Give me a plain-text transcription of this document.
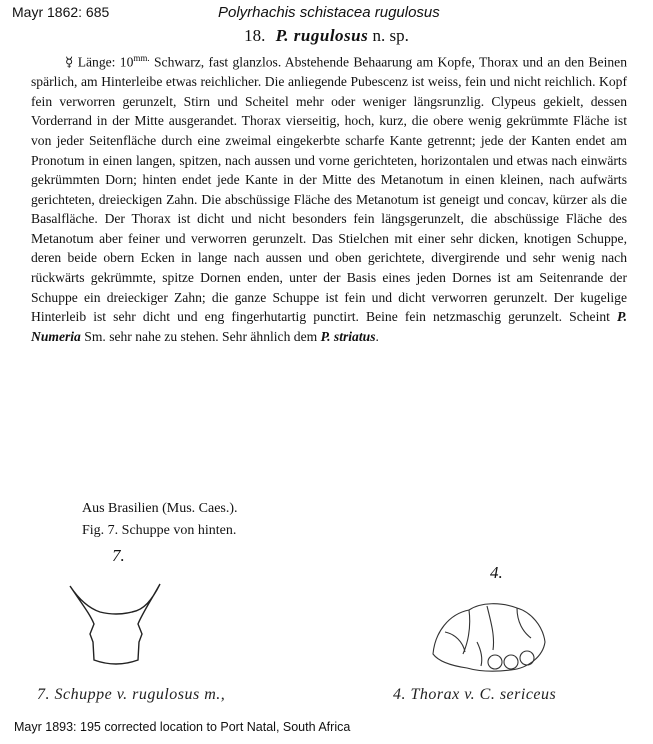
Mayr 1862: 685	Polyrhachis schistacea rugulosus
18. P. rugulosus n. sp.

☿ Länge: $10^{mm.}$ Schwarz, fast glanzlos. Abstehende Behaarung am Kopfe, Thorax und an den Beinen spärlich, am Hinterleibe etwas reichlicher. Die anliegende Pubescenz ist weiss, fein und nicht reichlich. Kopf fein verworren gerunzelt, Stirn und Scheitel mehr oder weniger längsrunzlig. Clypeus gekielt, dessen Vorderrand in der Mitte ausgerandet. Thorax vierseitig, hoch, kurz, die obere wenig gekrümmte Fläche ist von jeder Seitenfläche durch eine zweimal eingekerbte scharfe Kante getrennt; jede der Kanten endet am Pronotum in einen langen, spitzen, nach aussen und vorne gerichteten, horizontalen und etwas nach einwärts gekrümmten Dorn; hinten endet jede Kante in der Mitte des Metanotum in einen kleinen, nach aufwärts gerichteten, dreieckigen Zahn. Die abschüssige Fläche des Metanotum ist geneigt und concav, kürzer als die Basalfläche. Der Thorax ist dicht und nicht besonders fein längsgerunzelt, die abschüssige Fläche des Metanotum aber feiner und verworren gerunzelt. Das Stielchen mit einer sehr dicken, knotigen Schuppe, deren beide obern Ecken in lange nach aussen und oben gerichtete, divergirende und sehr wenig nach rückwärts gekrümmte, spitze Dornen enden, unter der Basis eines jeden Dornes ist am Seitenrande der Schuppe ein dreieckiger Zahn; die ganze Schuppe ist fein und dicht verworren gerunzelt. Der kugelige Hinterleib ist sehr dicht und eng fingerhutartig punctirt. Beine fein netzmaschig gerunzelt. Scheint P. Numeria Sm. sehr nahe zu stehen. Sehr ähnlich dem P. striatus.

Aus Brasilien (Mus. Caes.).
Fig. 7. Schuppe von hinten.
7.
4.
7. Schuppe v. rugulosus m.,	4. Thorax v. C. sericeus
Mayr 1893: 195 corrected location to Port Natal, South Africa
